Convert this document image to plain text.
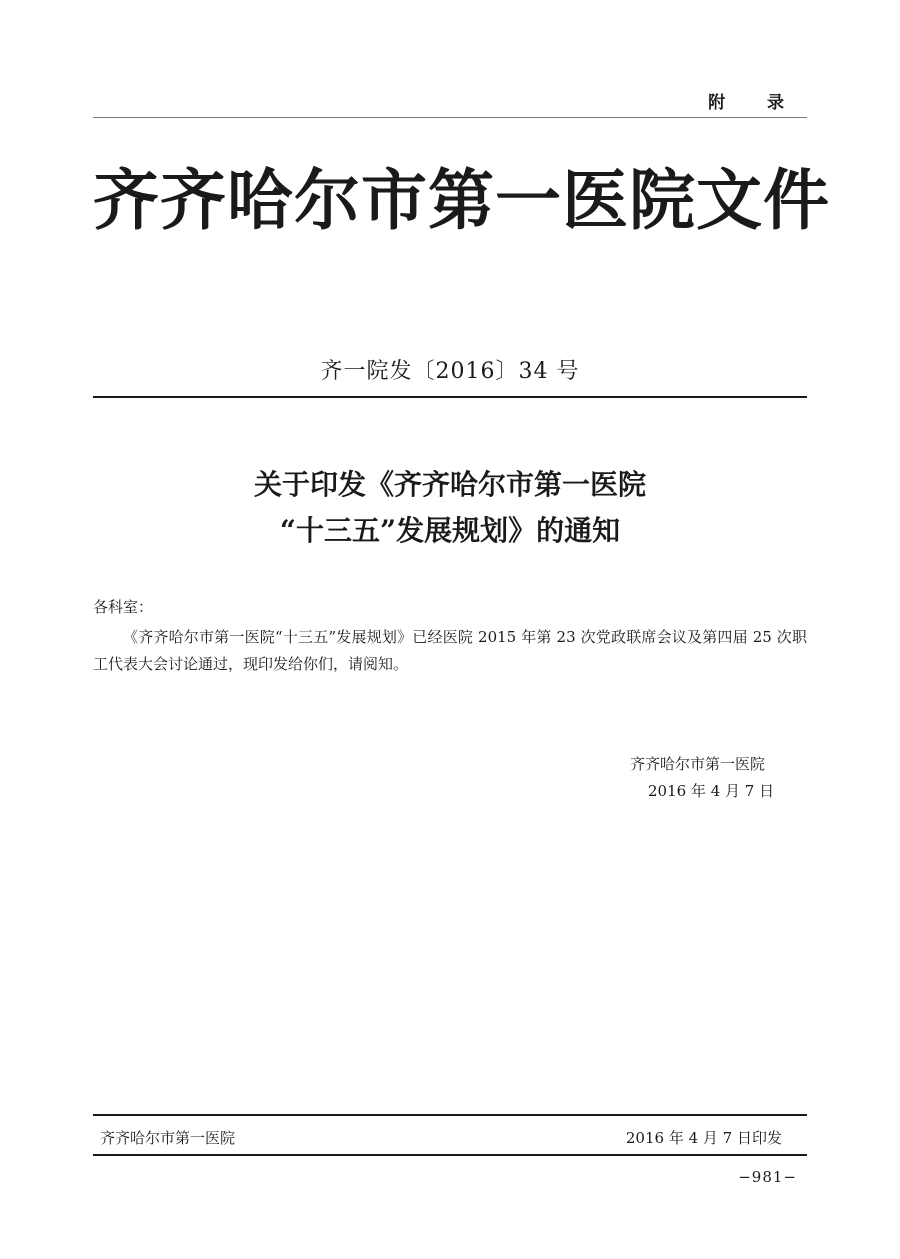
附 录
齐齐哈尔市第一医院文件
齐一院发〔2016〕34 号
关于印发《齐齐哈尔市第一医院
“十三五”发展规划》的通知
各科室：
《齐齐哈尔市第一医院“十三五”发展规划》已经医院 2015 年第 23 次党政联席会议及第四届 25 次职工代表大会讨论通过，现印发给你们，请阅知。
齐齐哈尔市第一医院
2016 年 4 月 7 日
齐齐哈尔市第一医院	2016 年 4 月 7 日印发
−981−
